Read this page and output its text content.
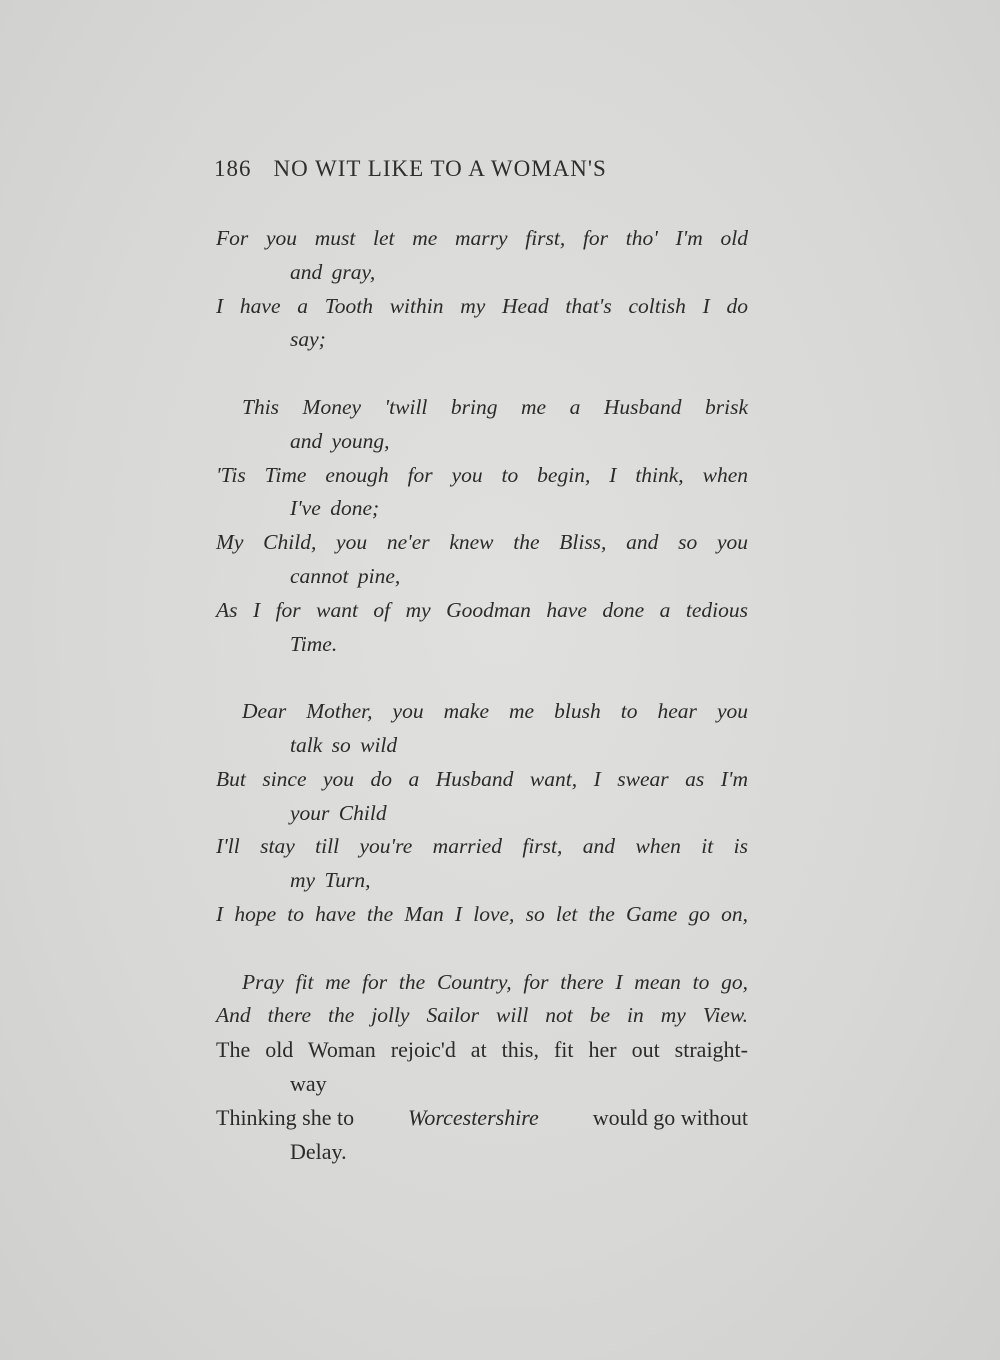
186 NO WIT LIKE TO A WOMAN'S
For you must let me marry first, for tho' I'm old
and gray,
I have a Tooth within my Head that's coltish I do
say;
This Money 'twill bring me a Husband brisk
and young,
'Tis Time enough for you to begin, I think, when
I've done;
My Child, you ne'er knew the Bliss, and so you
cannot pine,
As I for want of my Goodman have done a tedious
Time.
Dear Mother, you make me blush to hear you
talk so wild
But since you do a Husband want, I swear as I'm
your Child
I'll stay till you're married first, and when it is
my Turn,
I hope to have the Man I love, so let the Game go on,
Pray fit me for the Country, for there I mean to go,
And there the jolly Sailor will not be in my View.
The old Woman rejoic'd at this, fit her out straight-
way
Thinking she to Worcestershire would go without
Delay.
